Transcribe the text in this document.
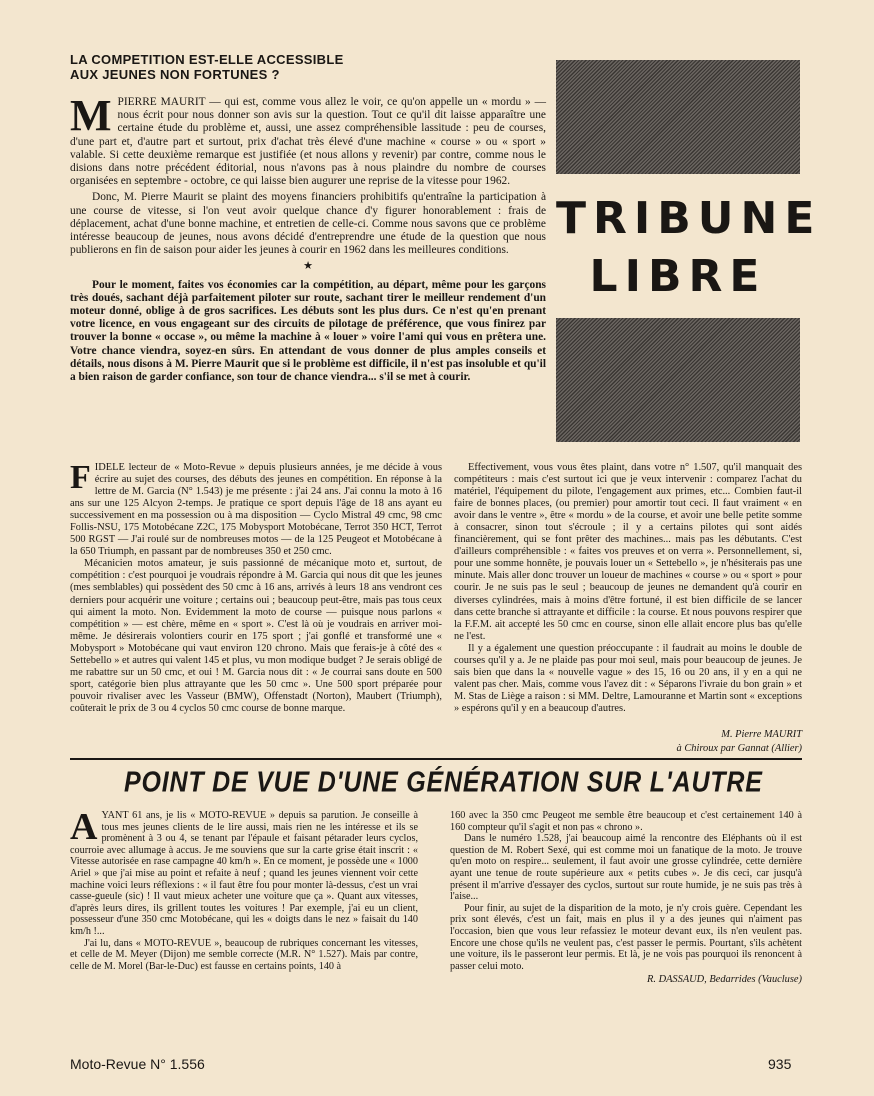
LA COMPETITION EST-ELLE ACCESSIBLE
AUX JEUNES NON FORTUNES ?

MPIERRE MAURIT — qui est, comme vous allez le voir, ce qu'on appelle un « mordu » — nous écrit pour nous donner son avis sur la question. Tout ce qu'il dit laisse apparaître une certaine étude du problème et, aussi, une assez compréhensible lassitude : peu de courses, d'une part et, d'autre part et surtout, prix d'achat très élevé d'une machine « course » ou « sport » valable. Si cette deuxième remarque est justifiée (et nous allons y revenir) par contre, comme nous le disions dans notre précédent éditorial, nous n'avons pas à nous plaindre du nombre de courses organisées en septembre - octobre, ce qui laisse bien augurer une reprise de la vitesse pour 1962.

Donc, M. Pierre Maurit se plaint des moyens financiers prohibitifs qu'entraîne la participation à une course de vitesse, si l'on veut avoir quelque chance d'y figurer honorablement : frais de déplacement, achat d'une bonne machine, et entretien de celle-ci. Comme nous savons que ce problème intéresse beaucoup de jeunes, nous avons décidé d'entreprendre une étude de la question que nous publierons en fin de saison pour aider les jeunes à courir en 1962 dans les meilleures conditions.

★

Pour le moment, faites vos économies car la compétition, au départ, même pour les garçons très doués, sachant déjà parfaitement piloter sur route, sachant tirer le meilleur rendement d'un moteur donné, oblige à de gros sacrifices. Les débuts sont les plus durs. Ce n'est qu'en prenant votre licence, en vous engageant sur des circuits de pilotage de préférence, que vous finirez par trouver la bonne « occase », ou même la machine à « louer » voire l'ami qui vous en prêtera une. Votre chance viendra, soyez-en sûrs. En attendant de vous donner de plus amples conseils et détails, nous disons à M. Pierre Maurit que si le problème est difficile, il n'est pas insoluble et qu'il a bien raison de garder confiance, son tour de chance viendra... s'il se met à courir.

TRIBUNE
LIBRE

FIDELE lecteur de « Moto-Revue » depuis plusieurs années, je me décide à vous écrire au sujet des courses, des débuts des jeunes en compétition. En réponse à la lettre de M. Garcia (N° 1.543) je me présente : j'ai 24 ans. J'ai connu la moto à 16 ans sur une 125 Alcyon 2-temps. Je pratique ce sport depuis l'âge de 18 ans ayant eu successivement en ma possession ou à ma disposition — Cyclo Mistral 49 cmc, 98 cmc Follis-NSU, 175 Motobécane Z2C, 175 Mobysport Motobécane, Terrot 350 HCT, Terrot 500 RGST — J'ai roulé sur de nombreuses motos — de la 125 Peugeot et Motobécane à la 650 Triumph, en passant par de nombreuses 350 et 250 cmc.

Mécanicien motos amateur, je suis passionné de mécanique moto et, surtout, de compétition : c'est pourquoi je voudrais répondre à M. Garcia qui nous dit que les jeunes (mes semblables) qui possèdent des 50 cmc à 16 ans, arrivés à leurs 18 ans vendront ces derniers pour acquérir une voiture ; certains oui ; beaucoup peut-être, mais pas tous ceux qui aiment la moto. Non. Evidemment la moto de course — puisque nous parlons « compétition » — est chère, même en « sport ». C'est là où je voudrais en arriver moi-même. Je désirerais volontiers courir en 175 sport ; j'ai gonflé et transformé une « Mobysport » Motobécane qui vaut environ 120 chrono. Mais que ferais-je à côté des « Settebello » et autres qui valent 145 et plus, vu mon modique budget ? Je serais obligé de me rabattre sur un 50 cmc, et oui ! M. Garcia nous dit : « Je courrai sans doute en 500 sport, catégorie bien plus attrayante que les 50 cmc ». Une 500 sport préparée pour pouvoir rivaliser avec les Vasseur (BMW), Offenstadt (Norton), Maubert (Triumph), coûterait le prix de 3 ou 4 cyclos 50 cmc course de bonne marque.

Effectivement, vous vous êtes plaint, dans votre n° 1.507, qu'il manquait des compétiteurs : mais c'est surtout ici que je veux intervenir : comparez l'achat du matériel, l'équipement du pilote, l'engagement aux primes, etc... Combien faut-il faire de bonnes places, (ou premier) pour amortir tout ceci. Il faut vraiment « en avoir dans le ventre », être « mordu » de la course, et avoir une belle petite somme à consacrer, sinon tout s'écroule ; il y a certains pilotes qui sont aidés financièrement, qui se font prêter des machines... mais pas les débutants. C'est d'ailleurs compréhensible : « faites vos preuves et on verra ». Personnellement, si, pour une somme honnête, je pouvais louer un « Settebello », je n'hésiterais pas une minute. Mais aller donc trouver un loueur de machines « course » ou « sport » pour courir. Je ne suis pas le seul ; beaucoup de jeunes ne demandent qu'à courir en diverses cylindrées, mais à moins d'être fortuné, il est bien difficile de se lancer dans cette branche si attrayante et difficile : la course. Et nous pouvons respirer que la F.F.M. ait accepté les 50 cmc en course, sinon elle allait encore plus bas qu'elle ne l'est.

Il y a également une question préoccupante : il faudrait au moins le double de courses qu'il y a. Je ne plaide pas pour moi seul, mais pour beaucoup de jeunes. Je sais bien que dans la « nouvelle vague » des 15, 16 ou 20 ans, il y en a qui ne valent pas cher. Mais, comme vous l'avez dit : « Séparons l'ivraie du bon grain » et M. Stas de Liège a raison : si MM. Deltre, Lamouranne et Martin sont « exceptions » espérons qu'il y en a beaucoup d'autres.

M. Pierre MAURIT
à Chiroux par Gannat (Allier)
POINT DE VUE D'UNE GÉNÉRATION SUR L'AUTRE

AYANT 61 ans, je lis « MOTO-REVUE » depuis sa parution. Je conseille à tous mes jeunes clients de le lire aussi, mais rien ne les intéresse et ils se promènent à 3 ou 4, se tenant par l'épaule et faisant pétarader leurs cyclos, courroie avec allumage à accus. Je me souviens que sur la carte grise était inscrit : « Vitesse autorisée en rase campagne 40 km/h ». En ce moment, je possède une « 1000 Ariel » que j'ai mise au point et refaite à neuf ; quand les jeunes viennent voir cette machine voici leurs réflexions : « il faut être fou pour monter là-dessus, c'est un vrai casse-gueule (sic) ! Il vaut mieux acheter une voiture que ça ». Quant aux vitesses, d'après leurs dires, ils grillent toutes les voitures ! Par exemple, j'ai eu un client, possesseur d'une 350 cmc Motobécane, qui les « doigts dans le nez » faisait du 140 km/h !...

J'ai lu, dans « MOTO-REVUE », beaucoup de rubriques concernant les vitesses, et celle de M. Meyer (Dijon) me semble correcte (M.R. N° 1.527). Mais par contre, celle de M. Morel (Bar-le-Duc) est fausse en certains points, 140 à

160 avec la 350 cmc Peugeot me semble être beaucoup et c'est certainement 140 à 160 compteur qu'il s'agit et non pas « chrono ».

Dans le numéro 1.528, j'ai beaucoup aimé la rencontre des Eléphants où il est question de M. Robert Sexé, qui est comme moi un fanatique de la moto. Je trouve qu'en moto on respire... seulement, il faut avoir une grosse cylindrée, cette dernière ayant une tenue de route supérieure aux « petits cubes ». Je dis ceci, car jusqu'à présent il m'arrive d'essayer des cyclos, surtout sur route humide, je ne suis pas très à l'aise...

Pour finir, au sujet de la disparition de la moto, je n'y crois guère. Cependant les prix sont élevés, c'est un fait, mais en plus il y a des jeunes qui n'aiment pas l'occasion, bien que vous leur refassiez le moteur devant eux, ils n'en veulent pas. Encore une chose qu'ils ne veulent pas, c'est passer le permis. Pourtant, s'ils achètent une voiture, ils le passeront leur permis. Et là, je ne vois pas pourquoi ils renoncent à passer celui moto.

R. DASSAUD, Bedarrides (Vaucluse)
Moto-Revue N° 1.556	935
